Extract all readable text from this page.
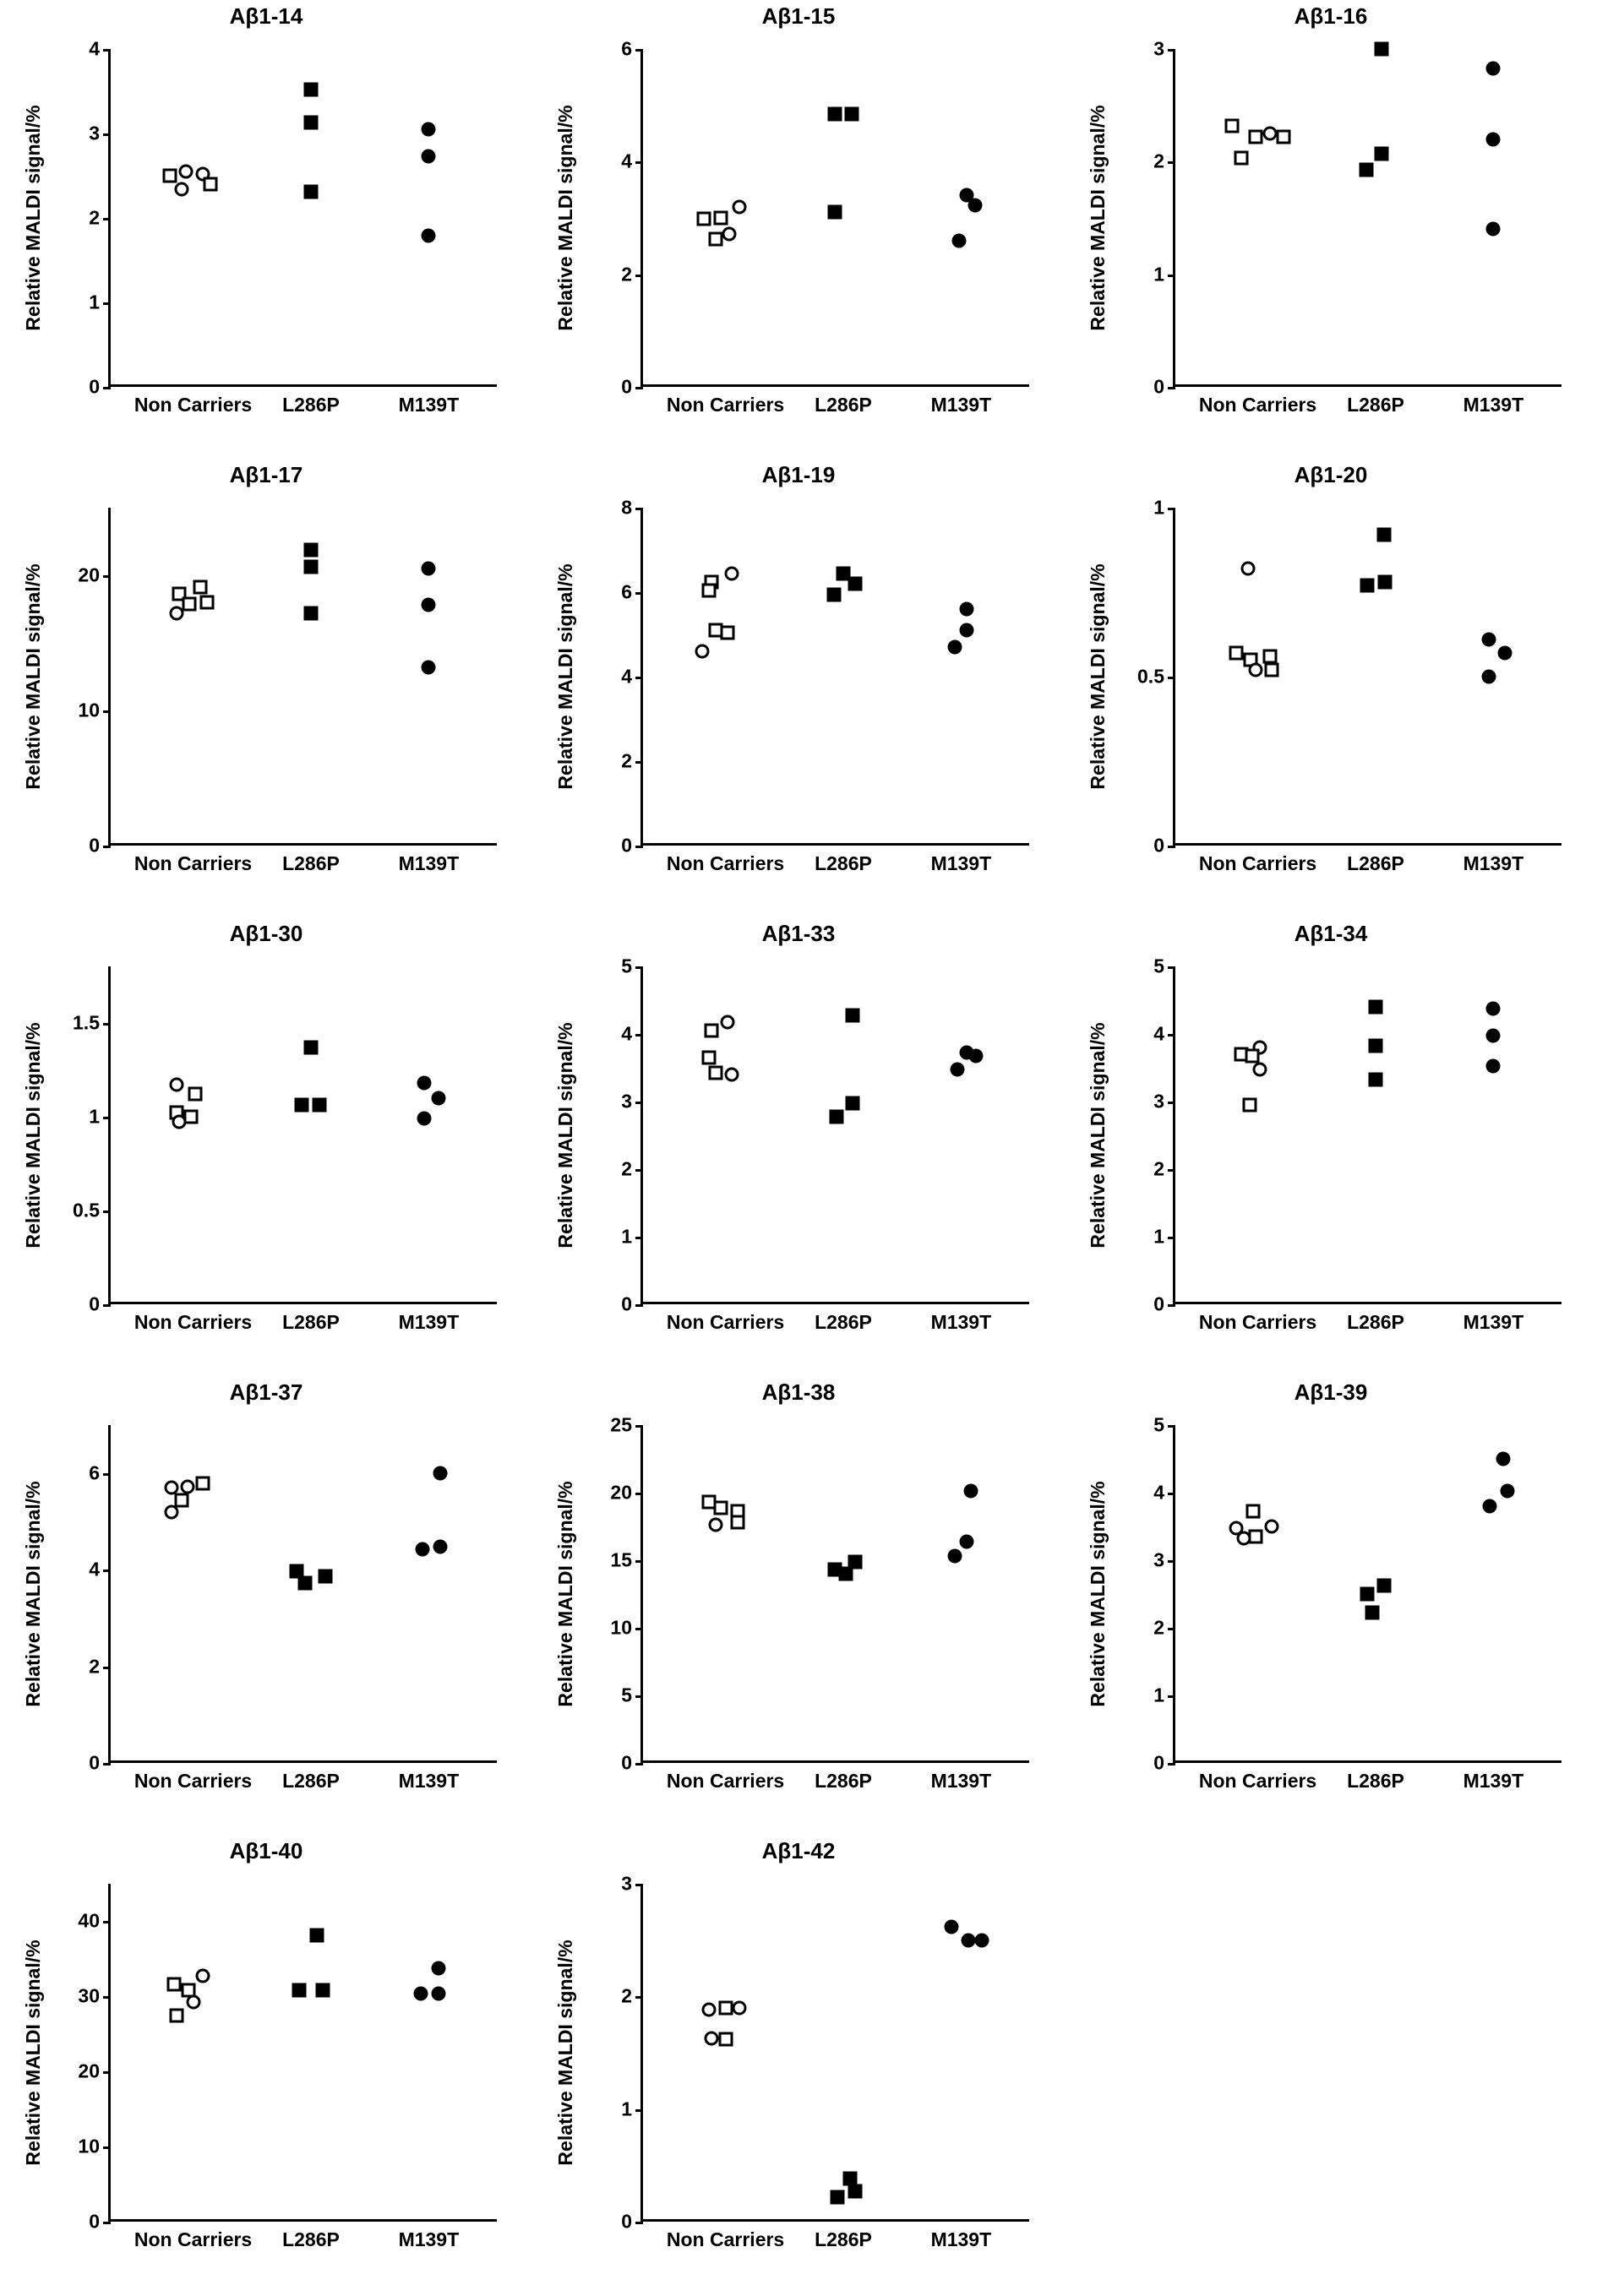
Aβ1-14
Relative MALDI signal/%
0
1
2
3
4
Non Carriers L286P	M139T
Aβ1-15
Relative MALDI signal/%
0
2
4
6
Non Carriers L286P	M139T
Aβ1-16
Relative MALDI signal/%
0
1
2
3
Non Carriers L286P	M139T
Aβ1-17
Relative MALDI signal/%
0
10
20
Non Carriers L286P	M139T
Aβ1-19
Relative MALDI signal/%
0
2
4
6
8
Non Carriers L286P	M139T
Aβ1-20
Relative MALDI signal/%
0
0.5
1
Non Carriers L286P	M139T
Aβ1-30
Relative MALDI signal/%
0
0.5
1
1.5
Non Carriers L286P	M139T
Aβ1-33
Relative MALDI signal/%
0
1
2
3
4
5
Non Carriers L286P	M139T
Aβ1-34
Relative MALDI signal/%
0
1
2
3
4
5
Non Carriers L286P	M139T
Aβ1-37
Relative MALDI signal/%
0
2
4
6
Non Carriers L286P	M139T
Aβ1-38
Relative MALDI signal/%
0
5
10
15
20
25
Non Carriers L286P	M139T
Aβ1-39
Relative MALDI signal/%
0
1
2
3
4
5
Non Carriers L286P	M139T
Aβ1-40
Relative MALDI signal/%
0
10
20
30
40
Non Carriers L286P	M139T
Aβ1-42
Relative MALDI signal/%
0
1
2
3
Non Carriers L286P	M139T
